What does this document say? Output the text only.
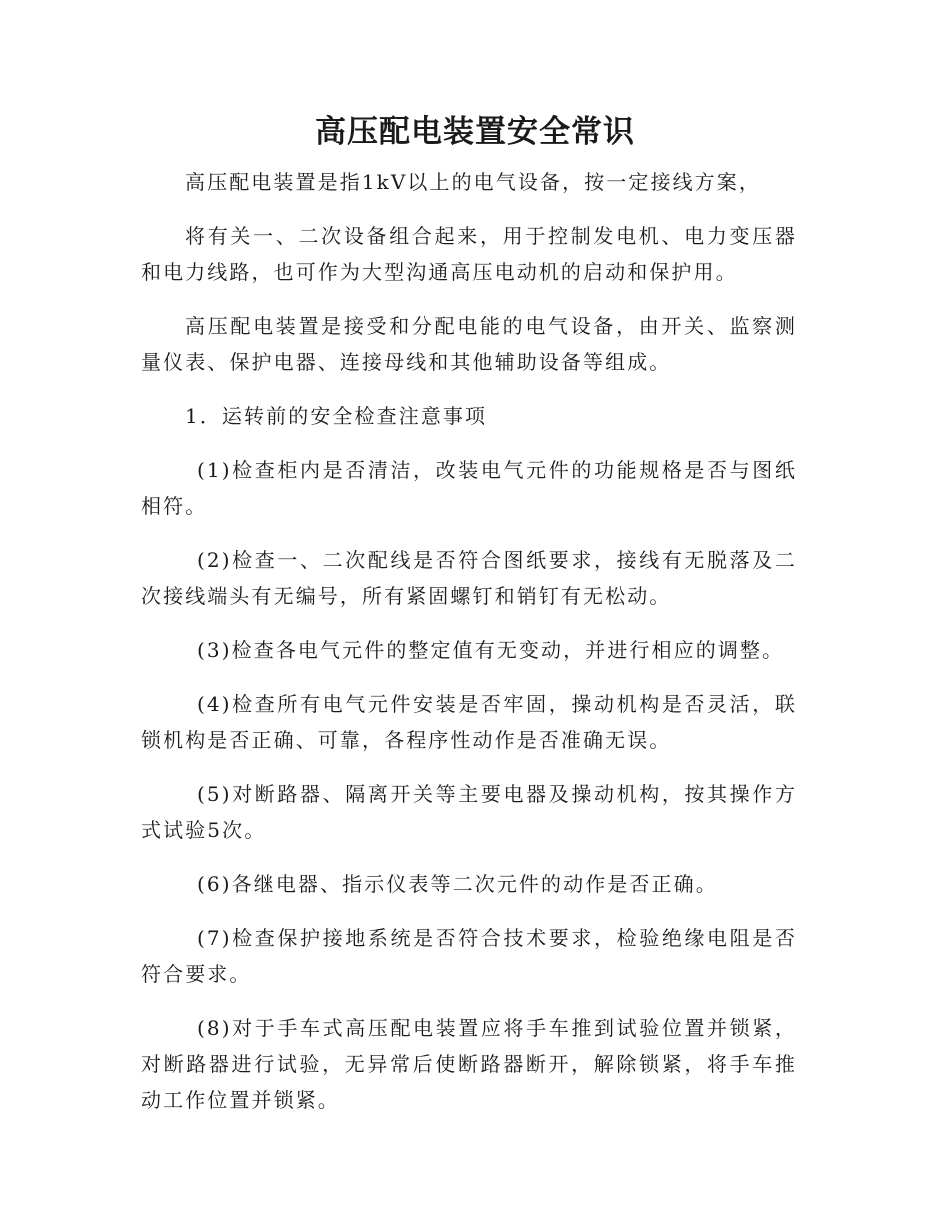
高压配电装置安全常识

高压配电装置是指1kV以上的电气设备，按一定接线方案，

将有关一、二次设备组合起来，用于控制发电机、电力变压器和电力线路，也可作为大型沟通高压电动机的启动和保护用。

高压配电装置是接受和分配电能的电气设备，由开关、监察测量仪表、保护电器、连接母线和其他辅助设备等组成。

1．运转前的安全检查注意事项

(1)检查柜内是否清洁，改装电气元件的功能规格是否与图纸相符。

(2)检查一、二次配线是否符合图纸要求，接线有无脱落及二次接线端头有无编号，所有紧固螺钉和销钉有无松动。

(3)检查各电气元件的整定值有无变动，并进行相应的调整。

(4)检查所有电气元件安装是否牢固，操动机构是否灵活，联锁机构是否正确、可靠，各程序性动作是否准确无误。

(5)对断路器、隔离开关等主要电器及操动机构，按其操作方式试验5次。

(6)各继电器、指示仪表等二次元件的动作是否正确。

(7)检查保护接地系统是否符合技术要求，检验绝缘电阻是否符合要求。

(8)对于手车式高压配电装置应将手车推到试验位置并锁紧，对断路器进行试验，无异常后使断路器断开，解除锁紧，将手车推动工作位置并锁紧。
